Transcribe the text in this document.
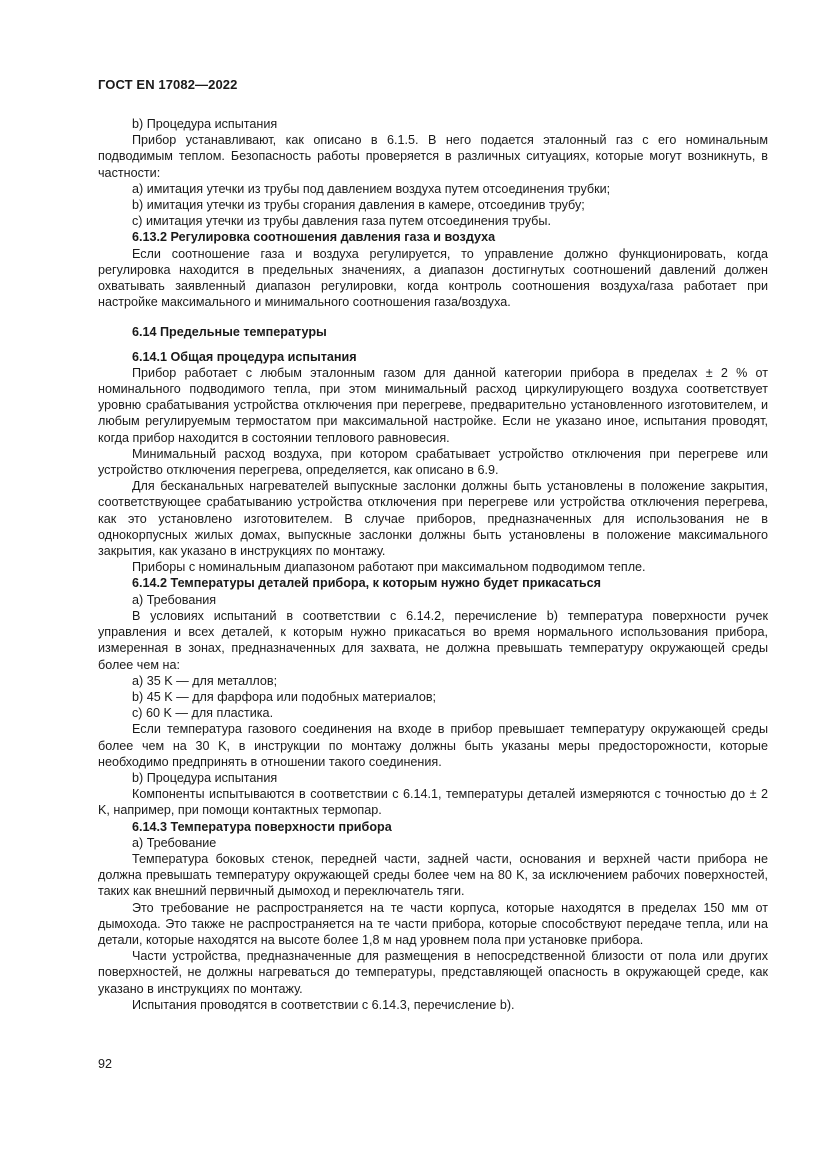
ГОСТ EN 17082—2022

b) Процедура испытания

Прибор устанавливают, как описано в 6.1.5. В него подается эталонный газ с его номинальным подводимым теплом. Безопасность работы проверяется в различных ситуациях, которые могут возникнуть, в частности:

a) имитация утечки из трубы под давлением воздуха путем отсоединения трубки;

b) имитация утечки из трубы сгорания давления в камере, отсоединив трубу;

c) имитация утечки из трубы давления газа путем отсоединения трубы.

6.13.2 Регулировка соотношения давления газа и воздуха

Если соотношение газа и воздуха регулируется, то управление должно функционировать, когда регулировка находится в предельных значениях, а диапазон достигнутых соотношений давлений должен охватывать заявленный диапазон регулировки, когда контроль соотношения воздуха/газа работает при настройке максимального и минимального соотношения газа/воздуха.

6.14 Предельные температуры

6.14.1 Общая процедура испытания

Прибор работает с любым эталонным газом для данной категории прибора в пределах ± 2 % от номинального подводимого тепла, при этом минимальный расход циркулирующего воздуха соответствует уровню срабатывания устройства отключения при перегреве, предварительно установленного изготовителем, и любым регулируемым термостатом при максимальной настройке. Если не указано иное, испытания проводят, когда прибор находится в состоянии теплового равновесия.

Минимальный расход воздуха, при котором срабатывает устройство отключения при перегреве или устройство отключения перегрева, определяется, как описано в 6.9.

Для бесканальных нагревателей выпускные заслонки должны быть установлены в положение закрытия, соответствующее срабатыванию устройства отключения при перегреве или устройства отключения перегрева, как это установлено изготовителем. В случае приборов, предназначенных для использования не в однокорпусных жилых домах, выпускные заслонки должны быть установлены в положение максимального закрытия, как указано в инструкциях по монтажу.

Приборы с номинальным диапазоном работают при максимальном подводимом тепле.

6.14.2 Температуры деталей прибора, к которым нужно будет прикасаться

a) Требования

В условиях испытаний в соответствии с 6.14.2, перечисление b) температура поверхности ручек управления и всех деталей, к которым нужно прикасаться во время нормального использования прибора, измеренная в зонах, предназначенных для захвата, не должна превышать температуру окружающей среды более чем на:

a) 35 K — для металлов;

b) 45 K — для фарфора или подобных материалов;

c) 60 K — для пластика.

Если температура газового соединения на входе в прибор превышает температуру окружающей среды более чем на 30 K, в инструкции по монтажу должны быть указаны меры предосторожности, которые необходимо предпринять в отношении такого соединения.

b) Процедура испытания

Компоненты испытываются в соответствии с 6.14.1, температуры деталей измеряются с точностью до ± 2 K, например, при помощи контактных термопар.

6.14.3 Температура поверхности прибора

a) Требование

Температура боковых стенок, передней части, задней части, основания и верхней части прибора не должна превышать температуру окружающей среды более чем на 80 K, за исключением рабочих поверхностей, таких как внешний первичный дымоход и переключатель тяги.

Это требование не распространяется на те части корпуса, которые находятся в пределах 150 мм от дымохода. Это также не распространяется на те части прибора, которые способствуют передаче тепла, или на детали, которые находятся на высоте более 1,8 м над уровнем пола при установке прибора.

Части устройства, предназначенные для размещения в непосредственной близости от пола или других поверхностей, не должны нагреваться до температуры, представляющей опасность в окружающей среде, как указано в инструкциях по монтажу.

Испытания проводятся в соответствии с 6.14.3, перечисление b).

92
